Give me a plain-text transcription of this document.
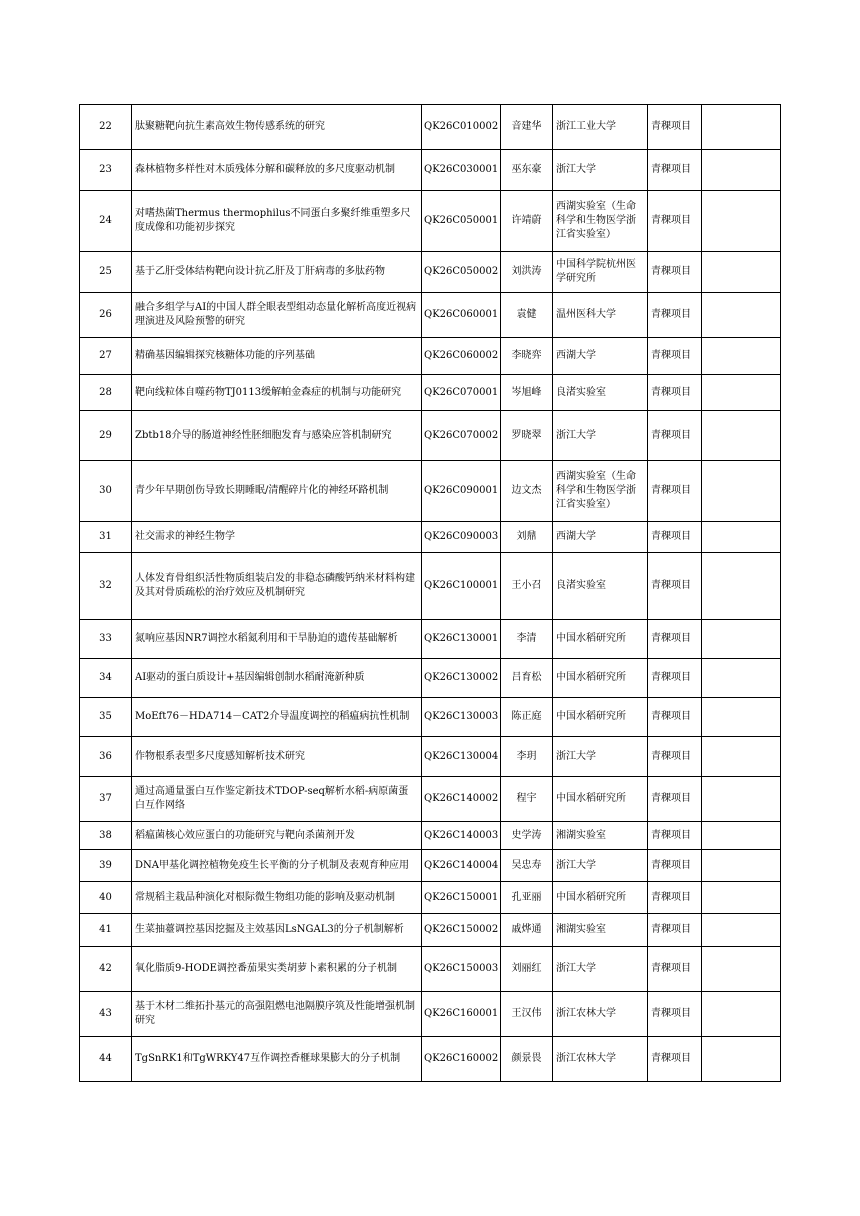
22	肽聚糖靶向抗生素高效生物传感系统的研究	QK26C010002	音建华	浙江工业大学	青稞项目	
23	森林植物多样性对木质残体分解和碳释放的多尺度驱动机制	QK26C030001	巫东豪	浙江大学	青稞项目	
24	对嗜热菌Thermus thermophilus不同蛋白多聚纤维重塑多尺度成像和功能初步探究	QK26C050001	许靖蔚	西湖实验室（生命科学和生物医学浙江省实验室）	青稞项目	
25	基于乙肝受体结构靶向设计抗乙肝及丁肝病毒的多肽药物	QK26C050002	刘洪涛	中国科学院杭州医学研究所	青稞项目	
26	融合多组学与AI的中国人群全眼表型组动态量化解析高度近视病理演进及风险预警的研究	QK26C060001	袁健	温州医科大学	青稞项目	
27	精确基因编辑探究核糖体功能的序列基础	QK26C060002	李晓弈	西湖大学	青稞项目	
28	靶向线粒体自噬药物TJ0113缓解帕金森症的机制与功能研究	QK26C070001	岑旭峰	良渚实验室	青稞项目	
29	Zbtb18介导的肠道神经性胚细胞发育与感染应答机制研究	QK26C070002	罗晓翠	浙江大学	青稞项目	
30	青少年早期创伤导致长期睡眠/清醒碎片化的神经环路机制	QK26C090001	边文杰	西湖实验室（生命科学和生物医学浙江省实验室）	青稞项目	
31	社交需求的神经生物学	QK26C090003	刘鼎	西湖大学	青稞项目	
32	人体发育骨组织活性物质组装启发的非稳态磷酸钙纳米材料构建及其对骨质疏松的治疗效应及机制研究	QK26C100001	王小召	良渚实验室	青稞项目	
33	氮响应基因NR7调控水稻氮利用和干旱胁迫的遗传基础解析	QK26C130001	李清	中国水稻研究所	青稞项目	
34	AI驱动的蛋白质设计+基因编辑创制水稻耐淹新种质	QK26C130002	吕育松	中国水稻研究所	青稞项目	
35	MoEft76－HDA714－CAT2介导温度调控的稻瘟病抗性机制	QK26C130003	陈正庭	中国水稻研究所	青稞项目	
36	作物根系表型多尺度感知解析技术研究	QK26C130004	李玥	浙江大学	青稞项目	
37	通过高通量蛋白互作鉴定新技术TDOP-seq解析水稻-病原菌蛋白互作网络	QK26C140002	程宇	中国水稻研究所	青稞项目	
38	稻瘟菌核心效应蛋白的功能研究与靶向杀菌剂开发	QK26C140003	史学涛	湘湖实验室	青稞项目	
39	DNA甲基化调控植物免疫生长平衡的分子机制及表观育种应用	QK26C140004	吴忠寿	浙江大学	青稞项目	
40	常规稻主栽品种演化对根际微生物组功能的影响及驱动机制	QK26C150001	孔亚丽	中国水稻研究所	青稞项目	
41	生菜抽薹调控基因挖掘及主效基因LsNGAL3的分子机制解析	QK26C150002	戚烨通	湘湖实验室	青稞项目	
42	氧化脂质9-HODE调控番茄果实类胡萝卜素积累的分子机制	QK26C150003	刘丽红	浙江大学	青稞项目	
43	基于木材二维拓扑基元的高强阻燃电池隔膜序筑及性能增强机制研究	QK26C160001	王汉伟	浙江农林大学	青稞项目	
44	TgSnRK1和TgWRKY47互作调控香榧球果膨大的分子机制	QK26C160002	颜景畏	浙江农林大学	青稞项目	
